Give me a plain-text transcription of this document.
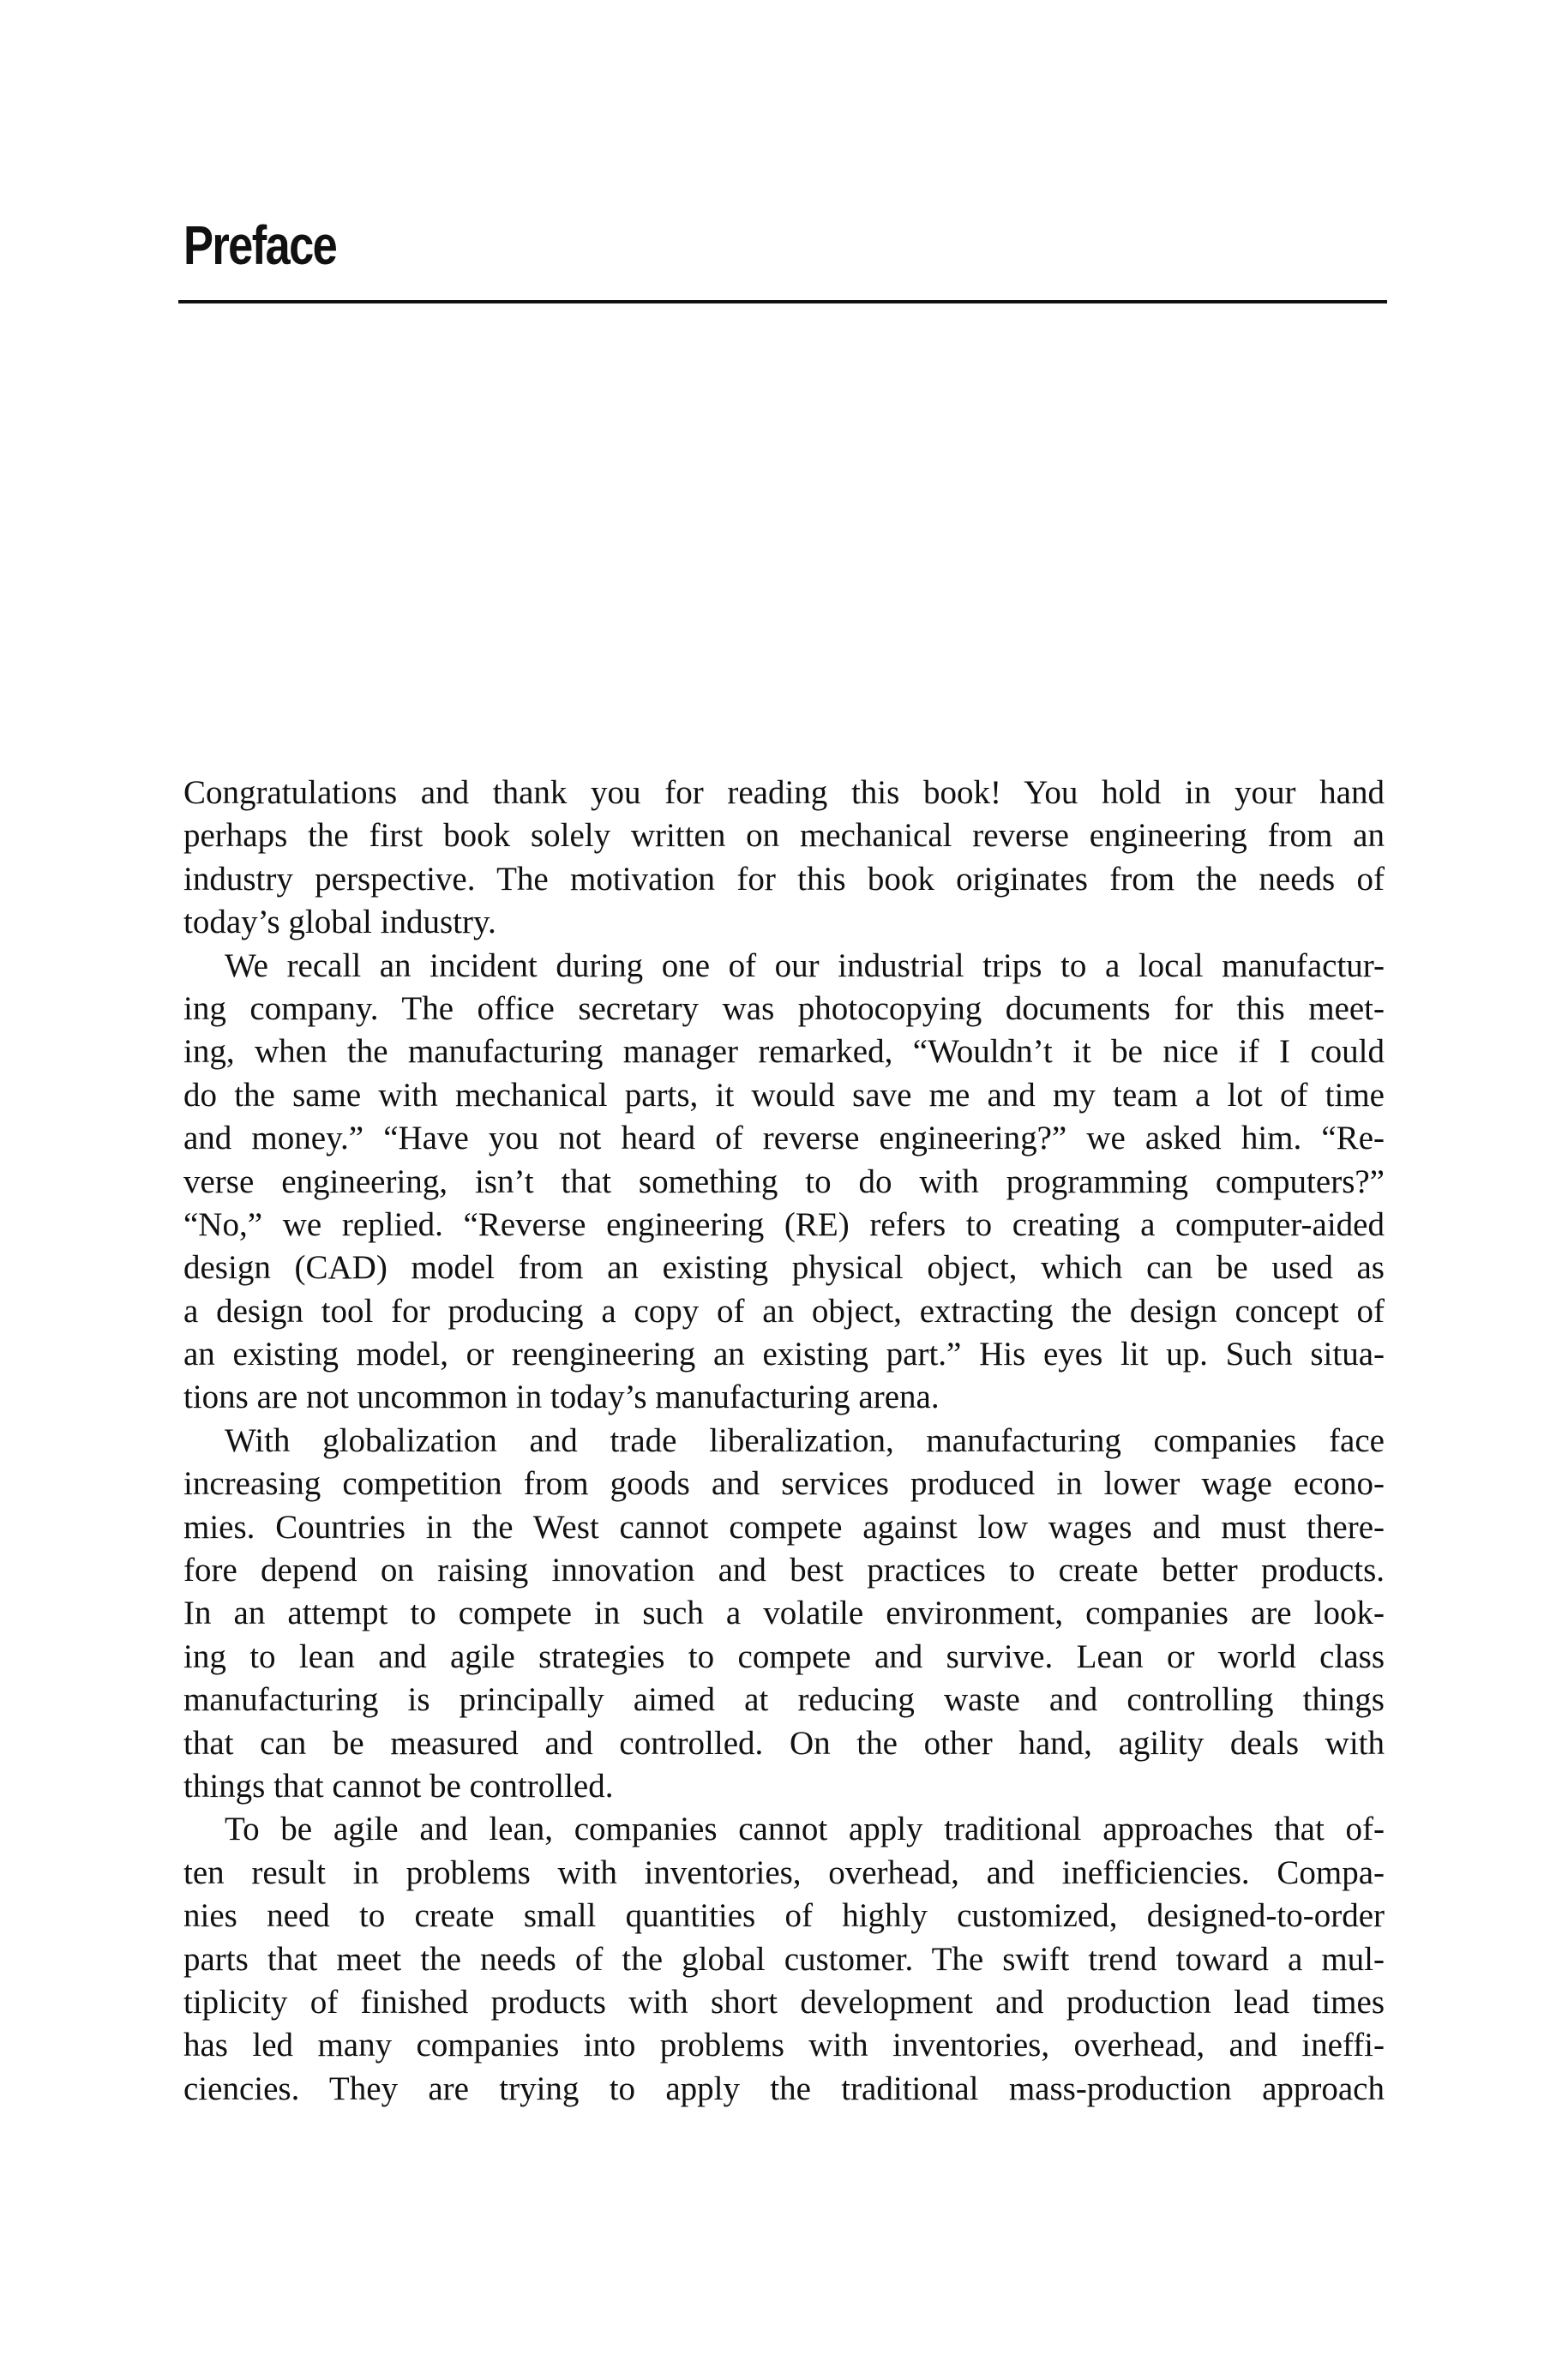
Preface
Congratulations and thank you for reading this book! You hold in your hand
perhaps the first book solely written on mechanical reverse engineering from an
industry perspective. The motivation for this book originates from the needs of
today’s global industry.
We recall an incident during one of our industrial trips to a local manufactur-
ing company. The office secretary was photocopying documents for this meet-
ing, when the manufacturing manager remarked, “Wouldn’t it be nice if I could
do the same with mechanical parts, it would save me and my team a lot of time
and money.” “Have you not heard of reverse engineering?” we asked him. “Re-
verse engineering, isn’t that something to do with programming computers?”
“No,” we replied. “Reverse engineering (RE) refers to creating a computer-aided
design (CAD) model from an existing physical object, which can be used as
a design tool for producing a copy of an object, extracting the design concept of
an existing model, or reengineering an existing part.” His eyes lit up. Such situa-
tions are not uncommon in today’s manufacturing arena.
With globalization and trade liberalization, manufacturing companies face
increasing competition from goods and services produced in lower wage econo-
mies. Countries in the West cannot compete against low wages and must there-
fore depend on raising innovation and best practices to create better products.
In an attempt to compete in such a volatile environment, companies are look-
ing to lean and agile strategies to compete and survive. Lean or world class
manufacturing is principally aimed at reducing waste and controlling things
that can be measured and controlled. On the other hand, agility deals with
things that cannot be controlled.
To be agile and lean, companies cannot apply traditional approaches that of-
ten result in problems with inventories, overhead, and inefficiencies. Compa-
nies need to create small quantities of highly customized, designed-to-order
parts that meet the needs of the global customer. The swift trend toward a mul-
tiplicity of finished products with short development and production lead times
has led many companies into problems with inventories, overhead, and ineffi-
ciencies. They are trying to apply the traditional mass-production approach
